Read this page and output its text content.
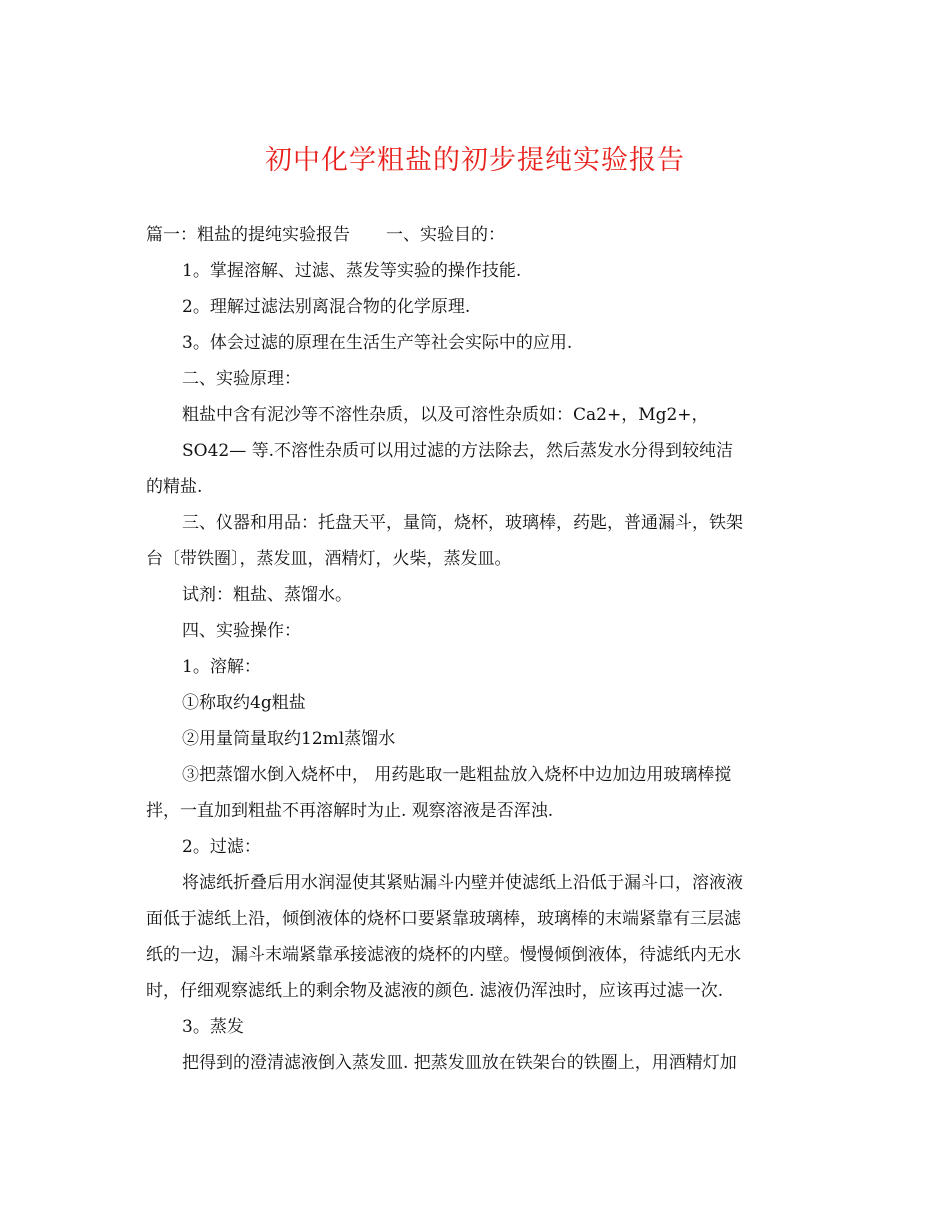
初中化学粗盐的初步提纯实验报告
篇一：粗盐的提纯实验报告 一、实验目的：
1。掌握溶解、过滤、蒸发等实验的操作技能.
2。理解过滤法别离混合物的化学原理.
3。体会过滤的原理在生活生产等社会实际中的应用.
二、实验原理：
粗盐中含有泥沙等不溶性杂质，以及可溶性杂质如：Ca2+，Mg2+，
SO42— 等.不溶性杂质可以用过滤的方法除去，然后蒸发水分得到较纯洁
的精盐.
三、仪器和用品：托盘天平，量筒，烧杯，玻璃棒，药匙，普通漏斗，铁架
台〔带铁圈〕，蒸发皿，酒精灯，火柴，蒸发皿。
试剂：粗盐、蒸馏水。
四、实验操作：
1。溶解：
①称取约4g粗盐
②用量筒量取约12ml蒸馏水
③把蒸馏水倒入烧杯中， 用药匙取一匙粗盐放入烧杯中边加边用玻璃棒搅
拌，一直加到粗盐不再溶解时为止. 观察溶液是否浑浊.
2。过滤：
将滤纸折叠后用水润湿使其紧贴漏斗内壁并使滤纸上沿低于漏斗口，溶液液
面低于滤纸上沿，倾倒液体的烧杯口要紧靠玻璃棒，玻璃棒的末端紧靠有三层滤
纸的一边，漏斗末端紧靠承接滤液的烧杯的内壁。慢慢倾倒液体，待滤纸内无水
时，仔细观察滤纸上的剩余物及滤液的颜色. 滤液仍浑浊时，应该再过滤一次.
3。蒸发
把得到的澄清滤液倒入蒸发皿. 把蒸发皿放在铁架台的铁圈上，用酒精灯加
